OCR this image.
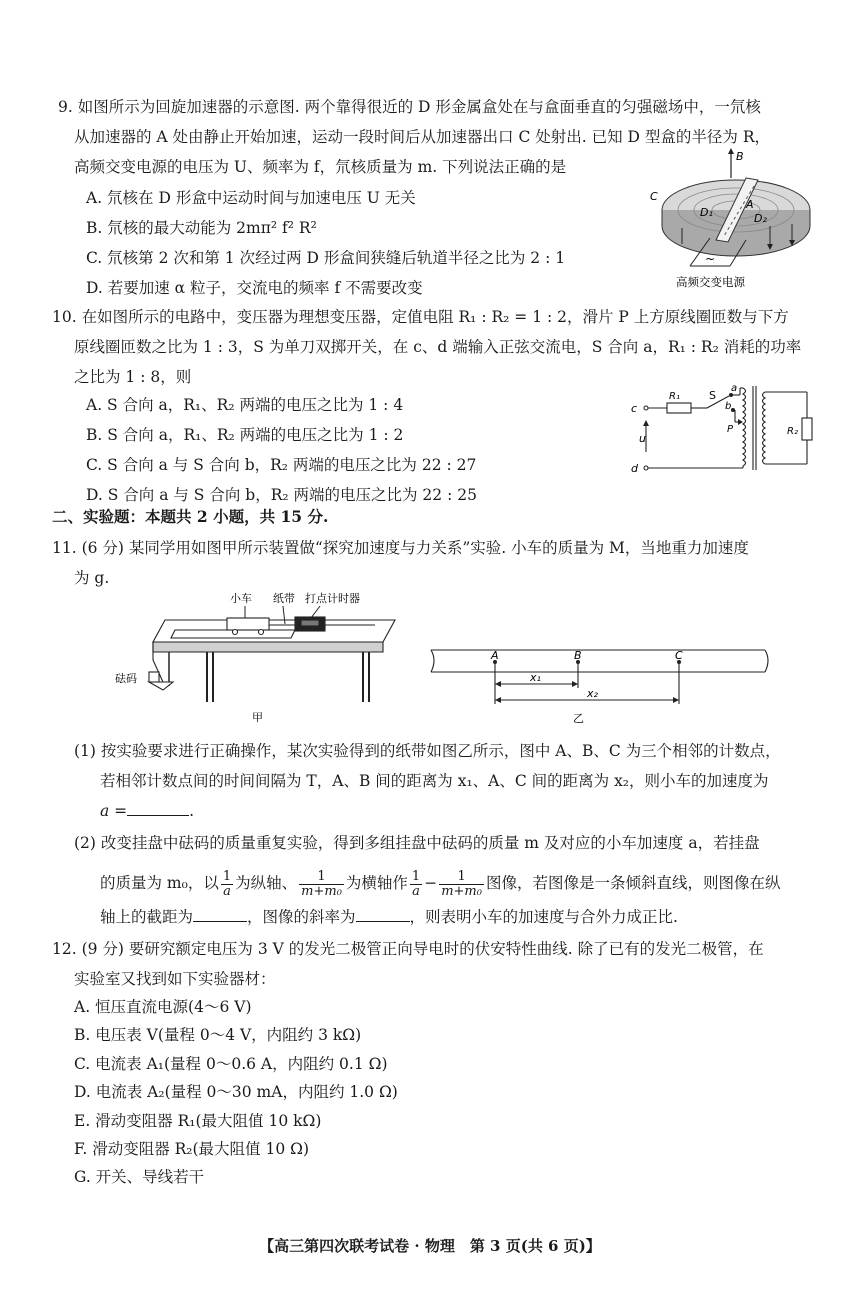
9. 如图所示为回旋加速器的示意图. 两个靠得很近的 D 形金属盒处在与盒面垂直的匀强磁场中，一氘核
从加速器的 A 处由静止开始加速，运动一段时间后从加速器出口 C 处射出. 已知 D 型盒的半径为 R，
高频交变电源的电压为 U、频率为 f，氘核质量为 m. 下列说法正确的是
A. 氘核在 D 形盒中运动时间与加速电压 U 无关
B. 氘核的最大动能为 2mπ² f² R²
C. 氘核第 2 次和第 1 次经过两 D 形盒间狭缝后轨道半径之比为 2 : 1
D. 若要加速 α 粒子，交流电的频率 f 不需要改变
B
C
A
D₁	D₂
~
高频交变电源
10. 在如图所示的电路中，变压器为理想变压器，定值电阻 R₁ : R₂ = 1 : 2，滑片 P 上方原线圈匝数与下方
原线圈匝数之比为 1 : 3，S 为单刀双掷开关，在 c、d 端输入正弦交流电，S 合向 a，R₁ : R₂ 消耗的功率
之比为 1 : 8，则
A. S 合向 a，R₁、R₂ 两端的电压之比为 1 : 4
B. S 合向 a，R₁、R₂ 两端的电压之比为 1 : 2
C. S 合向 a 与 S 合向 b，R₂ 两端的电压之比为 22 : 27
D. S 合向 a 与 S 合向 b，R₂ 两端的电压之比为 22 : 25
c
d
u
R₁	S
a
b
P	R₂
二、实验题：本题共 2 小题，共 15 分.
11. (6 分) 某同学用如图甲所示装置做“探究加速度与力关系”实验. 小车的质量为 M，当地重力加速度
为 g.
小车 纸带 打点计时器
砝码
甲
A	B	C
x₁
x₂
乙
(1) 按实验要求进行正确操作，某次实验得到的纸带如图乙所示，图中 A、B、C 为三个相邻的计数点，
若相邻计数点间的时间间隔为 T，A、B 间的距离为 x₁、A、C 间的距离为 x₂，则小车的加速度为
a =	.
(2) 改变挂盘中砝码的质量重复实验，得到多组挂盘中砝码的质量 m 及对应的小车加速度 a，若挂盘
的质量为 m₀，以 $\frac{1}{a}$ 为纵轴、 $\frac{1}{\text{m+m₀}}$ 为横轴作 $\frac{1}{a} - \frac{1}{\text{m+m₀}}$ 图像，若图像是一条倾斜直线，则图像在纵
轴上的截距为	，图像的斜率为	，则表明小车的加速度与合外力成正比.
12. (9 分) 要研究额定电压为 3 V 的发光二极管正向导电时的伏安特性曲线. 除了已有的发光二极管，在
实验室又找到如下实验器材：
A. 恒压直流电源(4～6 V)
B. 电压表 V(量程 0～4 V，内阻约 3 kΩ)
C. 电流表 A₁(量程 0～0.6 A，内阻约 0.1 Ω)
D. 电流表 A₂(量程 0～30 mA，内阻约 1.0 Ω)
E. 滑动变阻器 R₁(最大阻值 10 kΩ)
F. 滑动变阻器 R₂(最大阻值 10 Ω)
G. 开关、导线若干
【高三第四次联考试卷 · 物理　第 3 页(共 6 页)】
